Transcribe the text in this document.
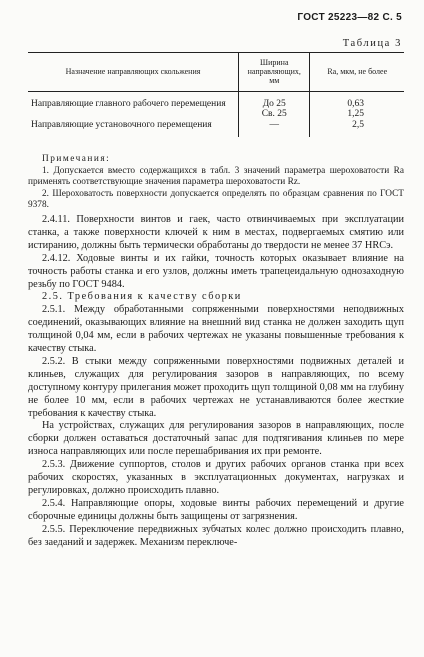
ГОСТ 25223—82 С. 5
Таблица 3
Назначение направляющих скольжения	Ширина направляющих, мм	Ra, мкм, не более
Направляющие главного рабочего перемещения	До 25	0,63
	Св. 25	1,25
Направляющие установочного перемещения	—	2,5

Примечания:

1. Допускается вместо содержащихся в табл. 3 значений параметра шероховатости Ra применять соответствующие значения параметра шероховатости Rz.

2. Шероховатость поверхности допускается определять по образцам сравнения по ГОСТ 9378.

2.4.11. Поверхности винтов и гаек, часто отвинчиваемых при эксплуатации станка, а также поверхности ключей к ним в местах, подвергаемых смятию или истиранию, должны быть термически обработаны до твердости не менее 37 HRCэ.

2.4.12. Ходовые винты и их гайки, точность которых оказывает влияние на точность работы станка и его узлов, должны иметь трапецеидальную однозаходную резьбу по ГОСТ 9484.

2.5. Требования к качеству сборки

2.5.1. Между обработанными сопряженными поверхностями неподвижных соединений, оказывающих влияние на внешний вид станка не должен заходить щуп толщиной 0,04 мм, если в рабочих чертежах не указаны повышенные требования к качеству стыка.

2.5.2. В стыки между сопряженными поверхностями подвижных деталей и клиньев, служащих для регулирования зазоров в направляющих, по всему доступному контуру прилегания может проходить щуп толщиной 0,08 мм на глубину не более 10 мм, если в рабочих чертежах не устанавливаются более жесткие требования к качеству стыка.

На устройствах, служащих для регулирования зазоров в направляющих, после сборки должен оставаться достаточный запас для подтягивания клиньев по мере износа направляющих или после перешабривания их при ремонте.

2.5.3. Движение суппортов, столов и других рабочих органов станка при всех рабочих скоростях, указанных в эксплуатационных документах, нагрузках и регулировках, должно происходить плавно.

2.5.4. Направляющие опоры, ходовые винты рабочих перемещений и другие сборочные единицы должны быть защищены от загрязнения.

2.5.5. Переключение передвижных зубчатых колес должно происходить плавно, без заеданий и задержек. Механизм переключе-
